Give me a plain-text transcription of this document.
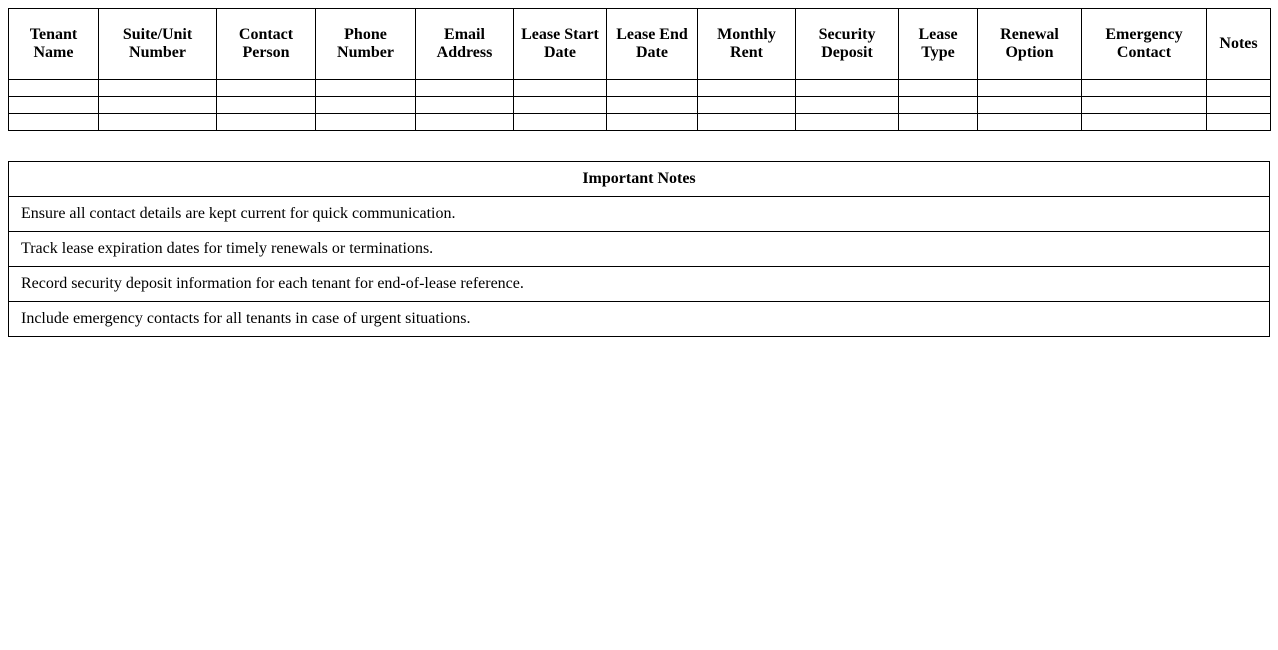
Tenant Name	Suite/Unit Number	Contact Person	Phone Number	Email Address	Lease Start Date	Lease End Date	Monthly Rent	Security Deposit	Lease Type	Renewal Option	Emergency Contact	Notes

Important Notes
Ensure all contact details are kept current for quick communication.
Track lease expiration dates for timely renewals or terminations.
Record security deposit information for each tenant for end-of-lease reference.
Include emergency contacts for all tenants in case of urgent situations.
